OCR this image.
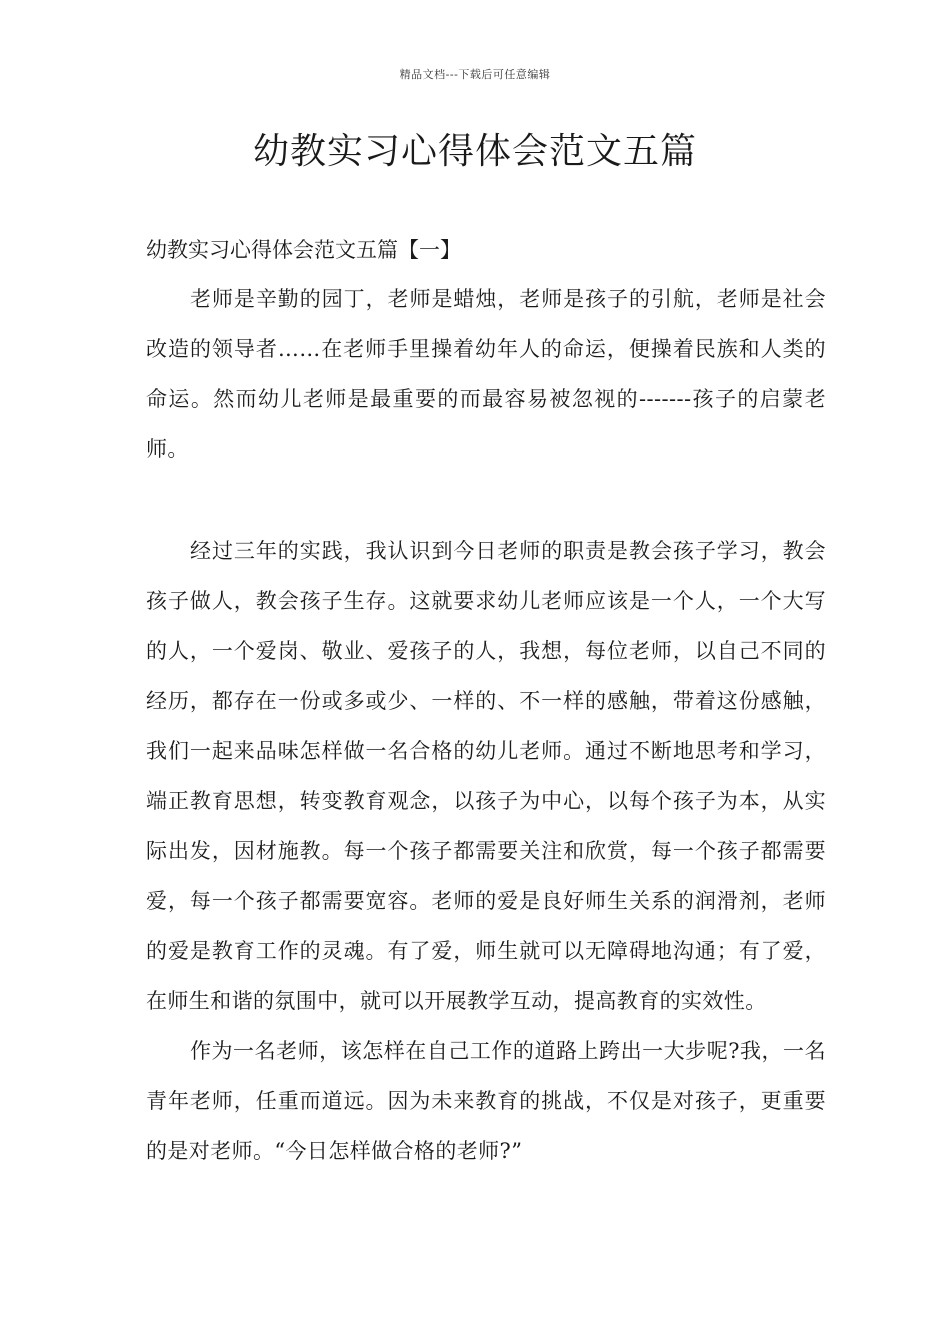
精品文档---下载后可任意编辑
幼教实习心得体会范文五篇

幼教实习心得体会范文五篇【一】

老师是辛勤的园丁，老师是蜡烛，老师是孩子的引航，老师是社会改造的领导者……在老师手里操着幼年人的命运，便操着民族和人类的命运。然而幼儿老师是最重要的而最容易被忽视的-------孩子的启蒙老师。

经过三年的实践，我认识到今日老师的职责是教会孩子学习，教会孩子做人，教会孩子生存。这就要求幼儿老师应该是一个人，一个大写的人，一个爱岗、敬业、爱孩子的人，我想，每位老师，以自己不同的经历，都存在一份或多或少、一样的、不一样的感触，带着这份感触，我们一起来品味怎样做一名合格的幼儿老师。通过不断地思考和学习，端正教育思想，转变教育观念，以孩子为中心，以每个孩子为本，从实际出发，因材施教。每一个孩子都需要关注和欣赏，每一个孩子都需要爱，每一个孩子都需要宽容。老师的爱是良好师生关系的润滑剂，老师的爱是教育工作的灵魂。有了爱，师生就可以无障碍地沟通；有了爱，在师生和谐的氛围中，就可以开展教学互动，提高教育的实效性。

作为一名老师，该怎样在自己工作的道路上跨出一大步呢?我，一名青年老师，任重而道远。因为未来教育的挑战，不仅是对孩子，更重要的是对老师。“今日怎样做合格的老师?”
